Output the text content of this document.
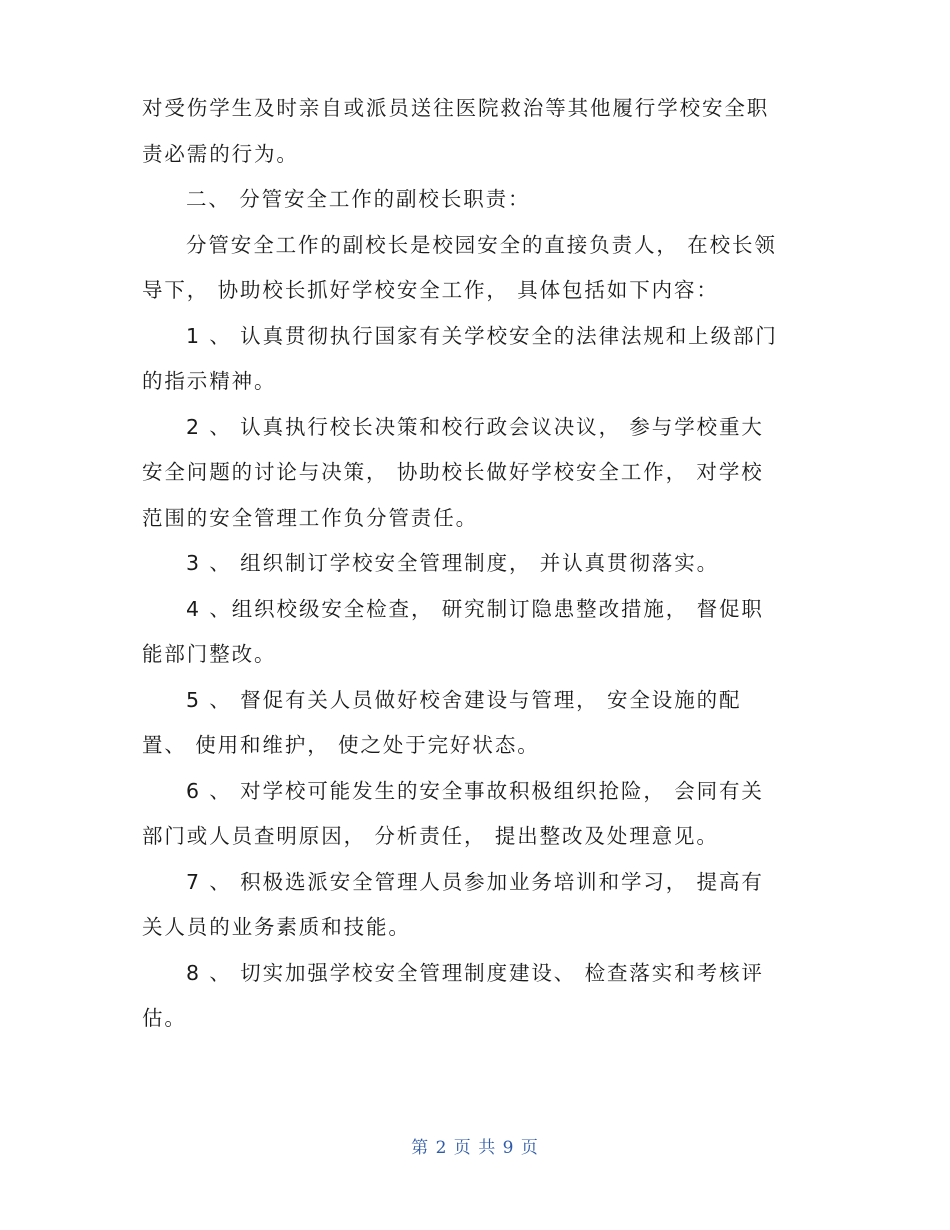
对受伤学生及时亲自或派员送往医院救治等其他履行学校安全职
责必需的行为。
二、 分管安全工作的副校长职责：
分管安全工作的副校长是校园安全的直接负责人， 在校长领
导下， 协助校长抓好学校安全工作， 具体包括如下内容：
1 、 认真贯彻执行国家有关学校安全的法律法规和上级部门
的指示精神。
2 、 认真执行校长决策和校行政会议决议， 参与学校重大
安全问题的讨论与决策， 协助校长做好学校安全工作， 对学校
范围的安全管理工作负分管责任。
3 、 组织制订学校安全管理制度， 并认真贯彻落实。
4 、组织校级安全检查， 研究制订隐患整改措施， 督促职
能部门整改。
5 、 督促有关人员做好校舍建设与管理， 安全设施的配
置、 使用和维护， 使之处于完好状态。
6 、 对学校可能发生的安全事故积极组织抢险， 会同有关
部门或人员查明原因， 分析责任， 提出整改及处理意见。
7 、 积极选派安全管理人员参加业务培训和学习， 提高有
关人员的业务素质和技能。
8 、 切实加强学校安全管理制度建设、 检查落实和考核评
估。
第 2 页 共 9 页
